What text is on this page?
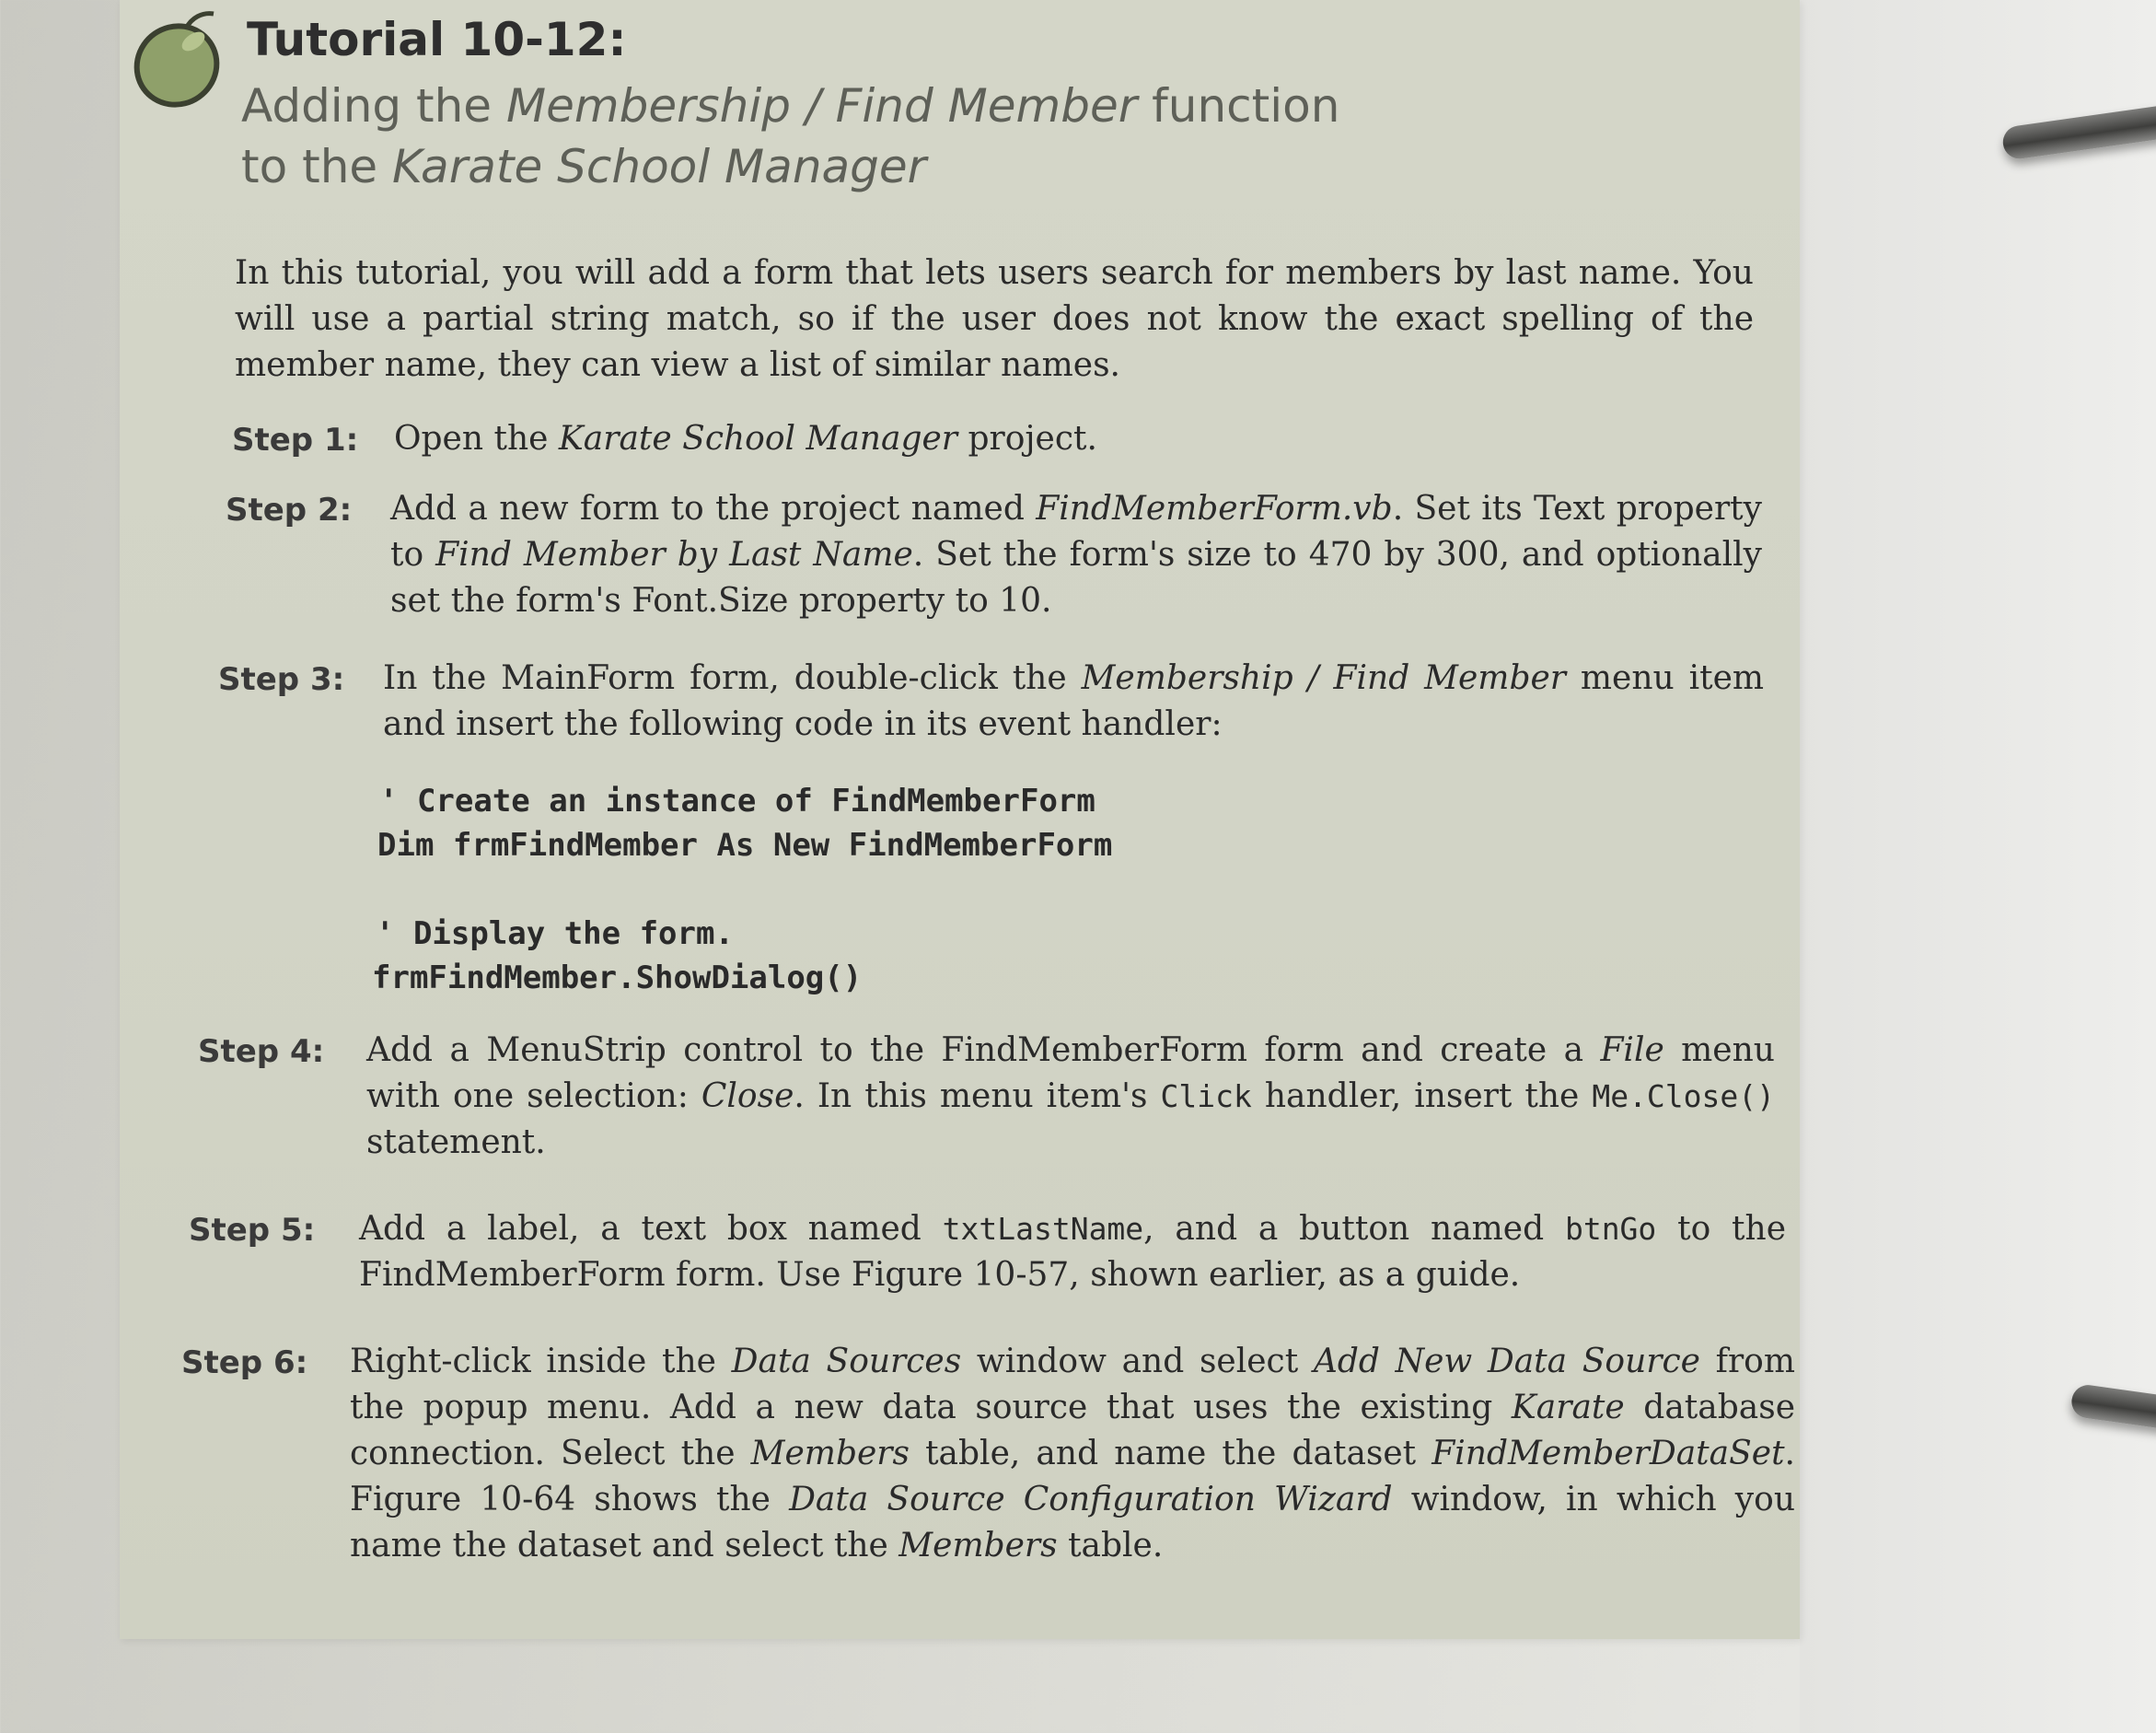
Tutorial 10-12:
Adding the Membership / Find Member function
to the Karate School Manager
In this tutorial, you will add a form that lets users search for members by last name. You will use a partial string match, so if the user does not know the exact spelling of the member name, they can view a list of similar names.
Step 1: Open the Karate School Manager project.
Step 2: Add a new form to the project named FindMemberForm.vb. Set its Text property to Find Member by Last Name. Set the form's size to 470 by 300, and optionally set the form's Font.Size property to 10.
Step 3: In the MainForm form, double-click the Membership / Find Member menu item and insert the following code in its event handler:
' Create an instance of FindMemberForm
Dim frmFindMember As New FindMemberForm
' Display the form.
frmFindMember.ShowDialog()
Step 4: Add a MenuStrip control to the FindMemberForm form and create a File menu with one selection: Close. In this menu item's Click handler, insert the Me.Close() statement.
Step 5: Add a label, a text box named txtLastName, and a button named btnGo to the FindMemberForm form. Use Figure 10-57, shown earlier, as a guide.
Step 6: Right-click inside the Data Sources window and select Add New Data Source from the popup menu. Add a new data source that uses the existing Karate database connection. Select the Members table, and name the dataset FindMemberDataSet. Figure 10-64 shows the Data Source Configuration Wizard window, in which you name the dataset and select the Members table.
